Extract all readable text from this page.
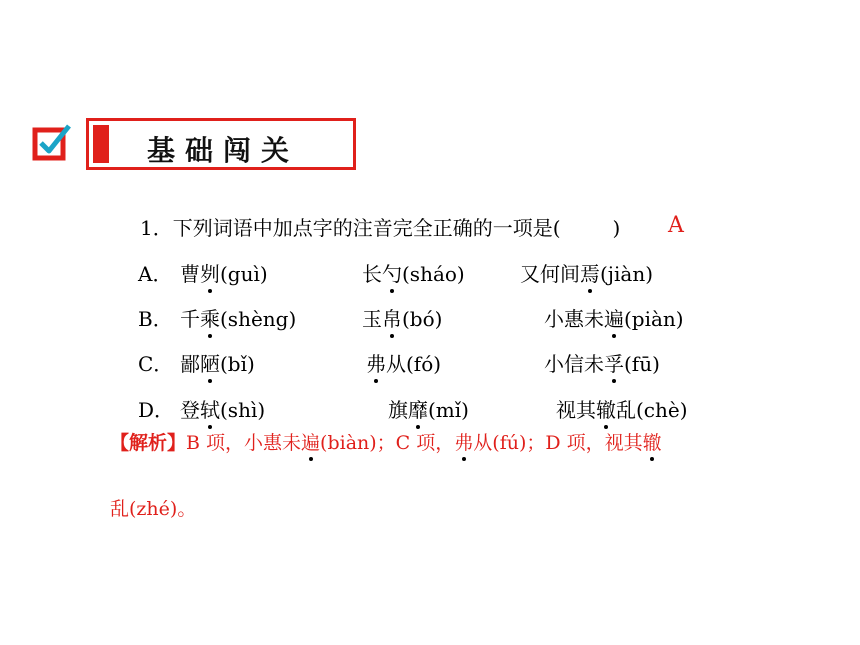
基础闯关
1．下列词语中加点字的注音完全正确的一项是(	) A
A． 曹刿(guì)	长勺(sháo)	又何间焉(jiàn)
B． 千乘(shèng)	玉帛(bó)	小惠未遍(piàn)
C． 鄙陋(bǐ)	弗从(fó)	小信未孚(fū)
D． 登轼(shì)	旗靡(mǐ)	视其辙乱(chè)
【解析】B 项，小惠未遍(biàn)；C 项，弗从(fú)；D 项，视其辙
乱(zhé)。
